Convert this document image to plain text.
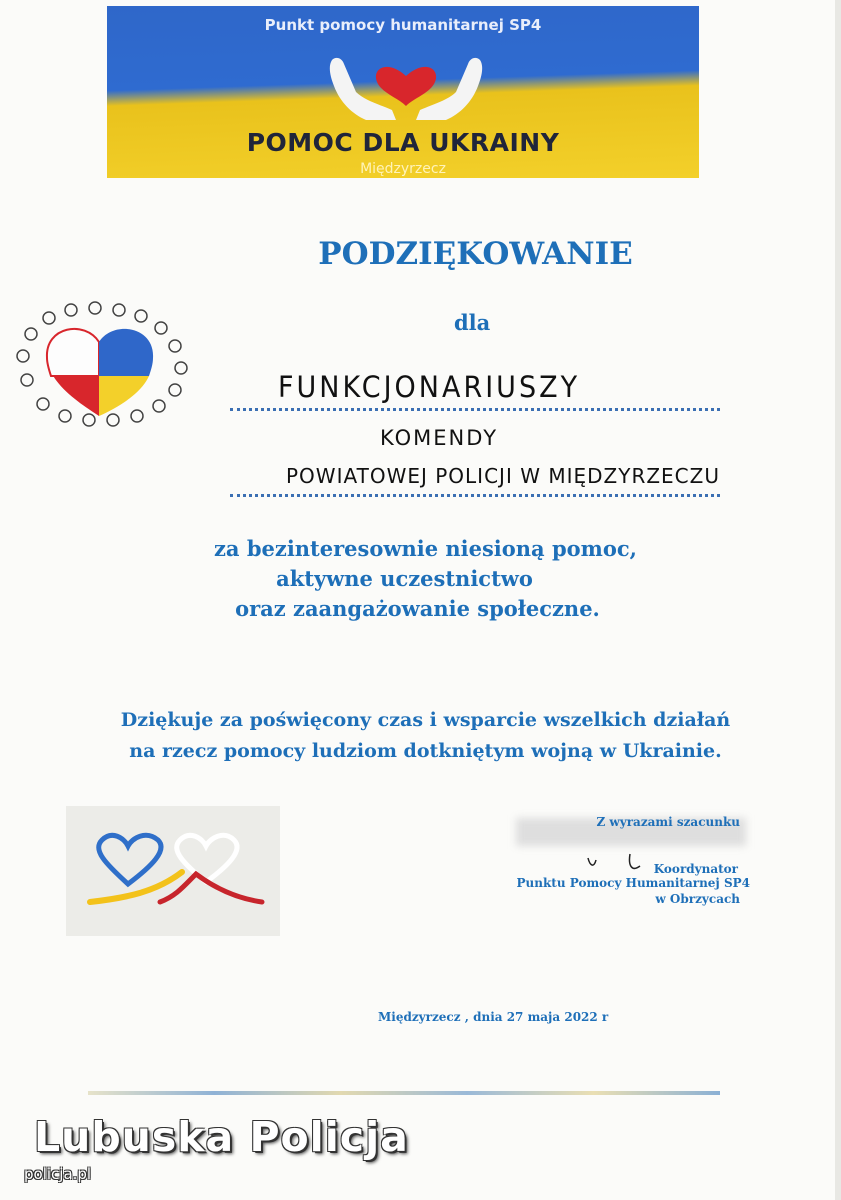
Punkt pomocy humanitarnej SP4
POMOC DLA UKRAINY
Międzyrzecz
PODZIĘKOWANIE
dla
FUNKCJONARIUSZY
KOMENDY
POWIATOWEJ POLICJI W MIĘDZYRZECZU
za bezinteresownie niesioną pomoc,
aktywne uczestnictwo
oraz zaangażowanie społeczne.
Dziękuje za poświęcony czas i wsparcie wszelkich działań
na rzecz pomocy ludziom dotkniętym wojną w Ukrainie.
Z wyrazami szacunku
Koordynator
Punktu Pomocy Humanitarnej SP4
w Obrzycach
Międzyrzecz , dnia 27 maja 2022 r
Lubuska Policja
policja.pl
